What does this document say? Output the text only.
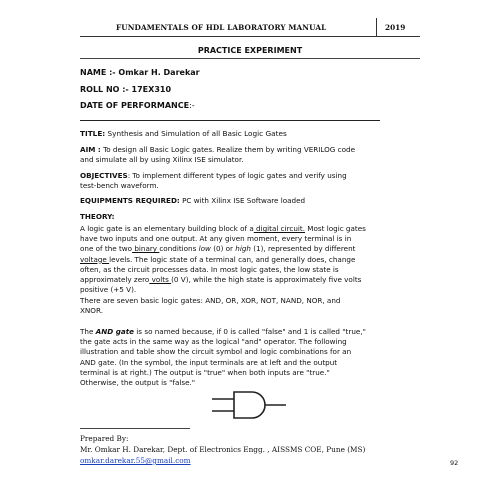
FUNDAMENTALS OF HDL LABORATORY MANUAL	2019
PRACTICE EXPERIMENT
NAME :- Omkar H. Darekar
ROLL NO :- 17EX310
DATE OF PERFORMANCE:-
TITLE: Synthesis and Simulation of all Basic Logic Gates

AIM : To design all Basic Logic gates. Realize them by writing VERILOG code

and simulate all by using Xilinx ISE simulator.

OBJECTIVES: To implement different types of logic gates and verify using

test-bench waveform.

EQUIPMENTS REQUIRED: PC with Xilinx ISE Software loaded

THEORY:

A logic gate is an elementary building block of a digital circuit. Most logic gates

have two inputs and one output. At any given moment, every terminal is in

one of the two binary conditions low (0) or high (1), represented by different

voltage levels. The logic state of a terminal can, and generally does, change

often, as the circuit processes data. In most logic gates, the low state is

approximately zero volts (0 V), while the high state is approximately five volts

positive (+5 V).

There are seven basic logic gates: AND, OR, XOR, NOT, NAND, NOR, and

XNOR.

The AND gate is so named because, if 0 is called "false" and 1 is called "true,"

the gate acts in the same way as the logical "and" operator. The following

illustration and table show the circuit symbol and logic combinations for an

AND gate. (In the symbol, the input terminals are at left and the output

terminal is at right.) The output is "true" when both inputs are "true."

Otherwise, the output is "false."

Prepared By:
Mr. Omkar H. Darekar, Dept. of Electronics Engg. , AISSMS COE, Pune (MS)
omkar.darekar.55@gmail.com	92
